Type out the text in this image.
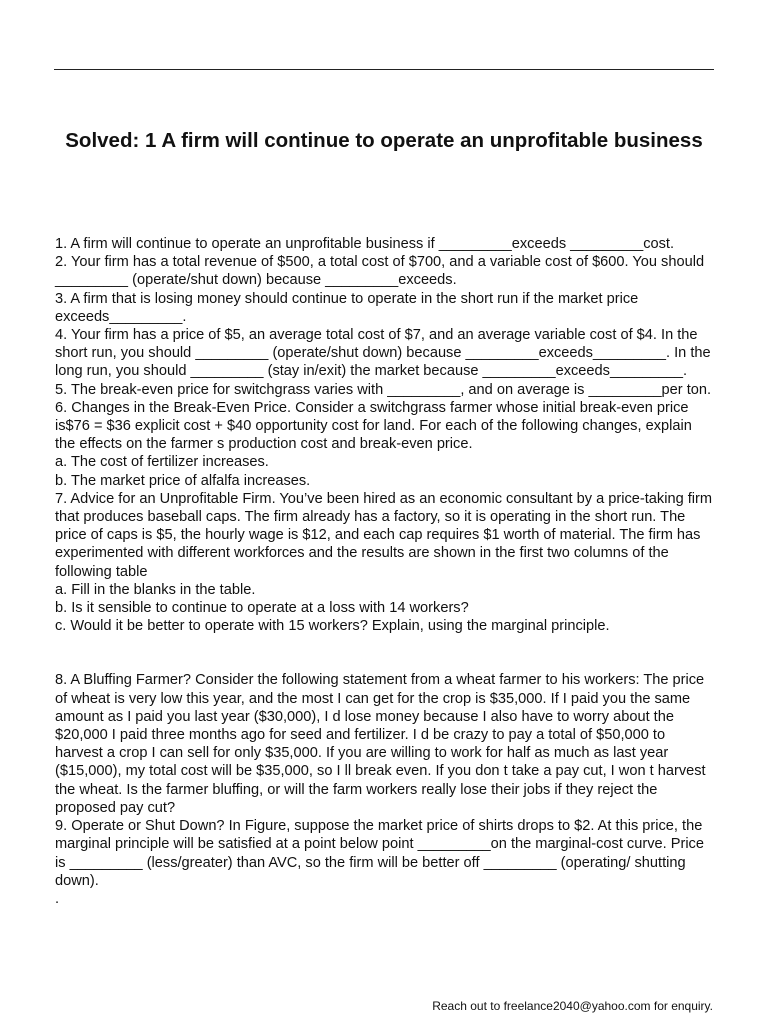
Solved: 1 A firm will continue to operate an unprofitable business

1. A firm will continue to operate an unprofitable business if _________exceeds _________cost.

2. Your firm has a total revenue of $500, a total cost of $700, and a variable cost of $600. You should _________ (operate/shut down) because _________exceeds.

3. A firm that is losing money should continue to operate in the short run if the market price exceeds_________.

4. Your firm has a price of $5, an average total cost of $7, and an average variable cost of $4. In the short run, you should _________ (operate/shut down) because _________exceeds_________. In the long run, you should _________ (stay in/exit) the market because _________exceeds_________.

5. The break-even price for switchgrass varies with _________, and on average is _________per ton.

6. Changes in the Break-Even Price. Consider a switchgrass farmer whose initial break-even price is$76 = $36 explicit cost + $40 opportunity cost for land. For each of the following changes, explain the effects on the farmer s production cost and break-even price.

a. The cost of fertilizer increases.

b. The market price of alfalfa increases.

7. Advice for an Unprofitable Firm. You’ve been hired as an economic consultant by a price-taking firm that produces baseball caps. The firm already has a factory, so it is operating in the short run. The price of caps is $5, the hourly wage is $12, and each cap requires $1 worth of material. The firm has experimented with different workforces and the results are shown in the first two columns of the following table

a. Fill in the blanks in the table.

b. Is it sensible to continue to operate at a loss with 14 workers?

c. Would it be better to operate with 15 workers? Explain, using the marginal principle.

8. A Bluffing Farmer? Consider the following statement from a wheat farmer to his workers: The price of wheat is very low this year, and the most I can get for the crop is $35,000. If I paid you the same amount as I paid you last year ($30,000), I d lose money because I also have to worry about the $20,000 I paid three months ago for seed and fertilizer. I d be crazy to pay a total of $50,000 to harvest a crop I can sell for only $35,000. If you are willing to work for half as much as last year ($15,000), my total cost will be $35,000, so I ll break even. If you don t take a pay cut, I won t harvest the wheat. Is the farmer bluffing, or will the farm workers really lose their jobs if they reject the proposed pay cut?

9. Operate or Shut Down? In Figure, suppose the market price of shirts drops to $2. At this price, the marginal principle will be satisfied at a point below point _________on the marginal-cost curve. Price is _________ (less/greater) than AVC, so the firm will be better off _________ (operating/ shutting down).

.

Reach out to freelance2040@yahoo.com for enquiry.
